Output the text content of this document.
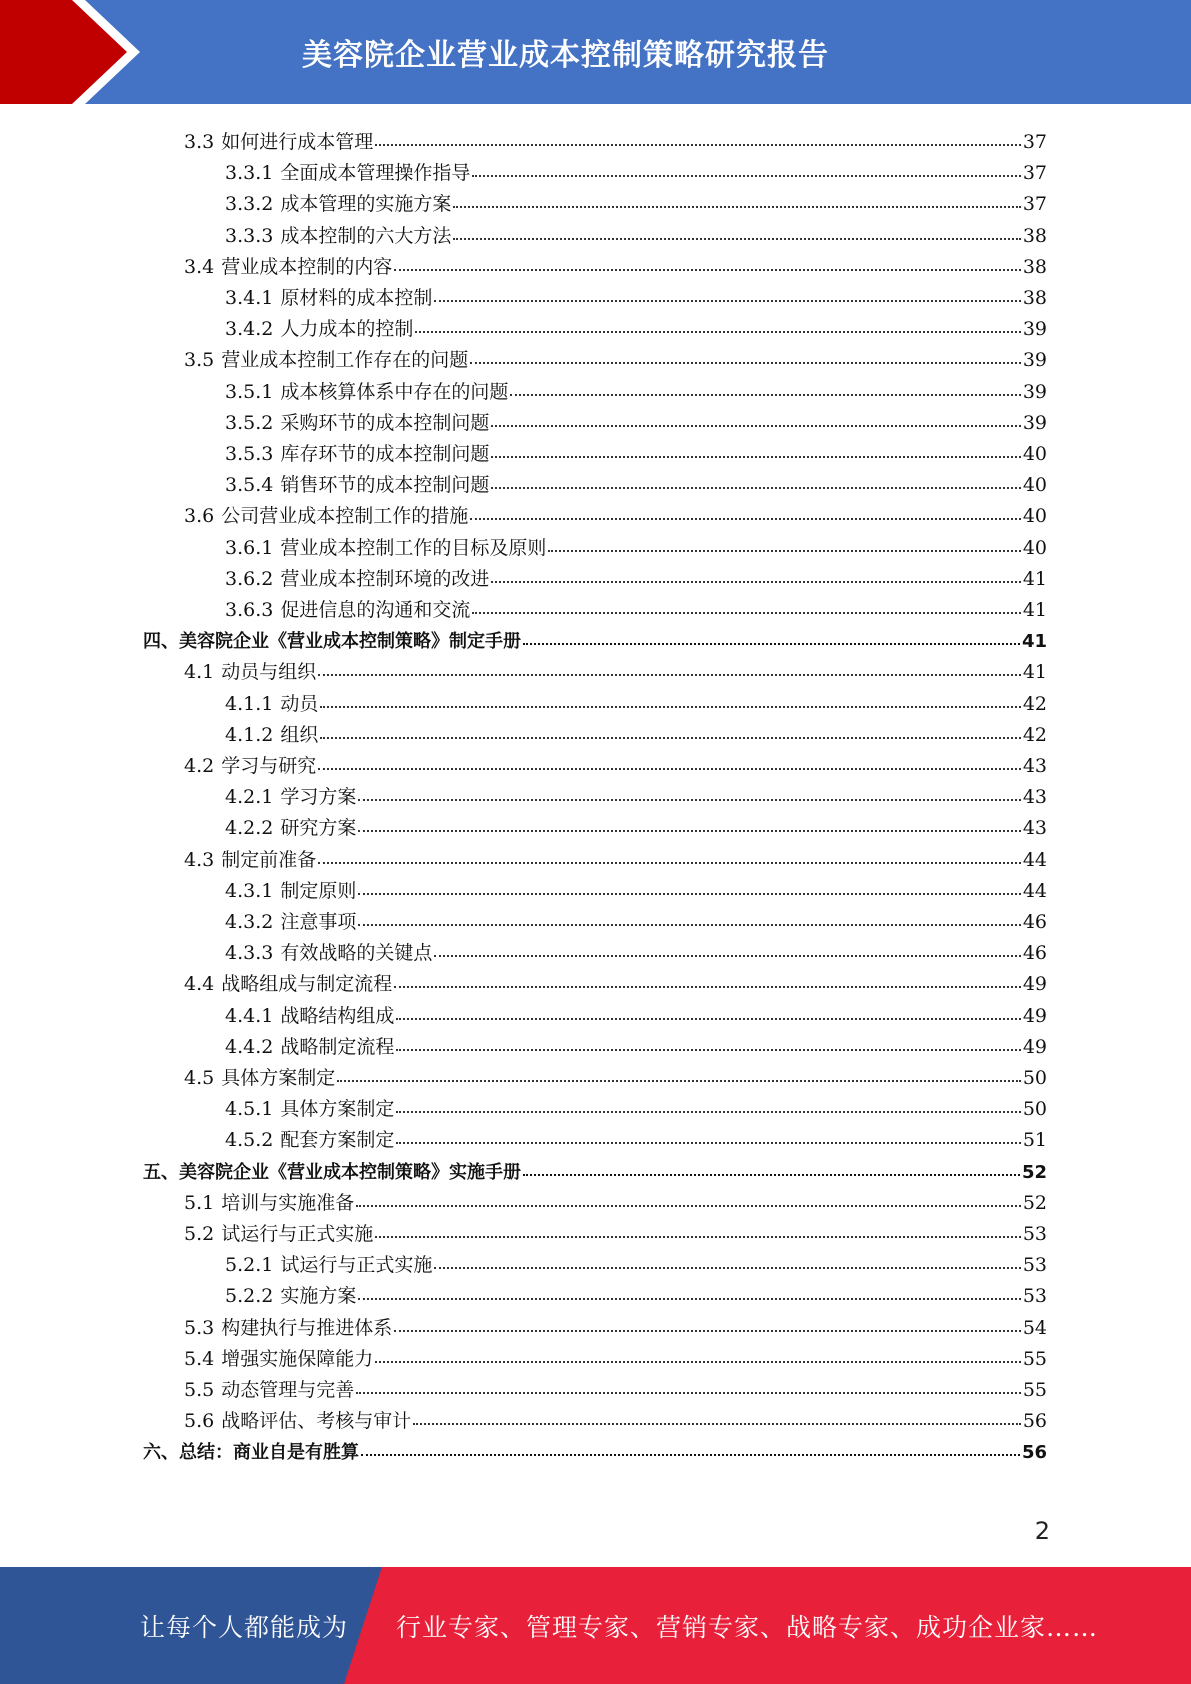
美容院企业营业成本控制策略研究报告
3.3 如何进行成本管理	37
3.3.1 全面成本管理操作指导	37
3.3.2 成本管理的实施方案	37
3.3.3 成本控制的六大方法	38
3.4 营业成本控制的内容	38
3.4.1 原材料的成本控制	38
3.4.2 人力成本的控制	39
3.5 营业成本控制工作存在的问题	39
3.5.1 成本核算体系中存在的问题	39
3.5.2 采购环节的成本控制问题	39
3.5.3 库存环节的成本控制问题	40
3.5.4 销售环节的成本控制问题	40
3.6 公司营业成本控制工作的措施	40
3.6.1 营业成本控制工作的目标及原则	40
3.6.2 营业成本控制环境的改进	41
3.6.3 促进信息的沟通和交流	41
四、美容院企业《营业成本控制策略》制定手册	41
4.1 动员与组织	41
4.1.1 动员	42
4.1.2 组织	42
4.2 学习与研究	43
4.2.1 学习方案	43
4.2.2 研究方案	43
4.3 制定前准备	44
4.3.1 制定原则	44
4.3.2 注意事项	46
4.3.3 有效战略的关键点	46
4.4 战略组成与制定流程	49
4.4.1 战略结构组成	49
4.4.2 战略制定流程	49
4.5 具体方案制定	50
4.5.1 具体方案制定	50
4.5.2 配套方案制定	51
五、美容院企业《营业成本控制策略》实施手册	52
5.1 培训与实施准备	52
5.2 试运行与正式实施	53
5.2.1 试运行与正式实施	53
5.2.2 实施方案	53
5.3 构建执行与推进体系	54
5.4 增强实施保障能力	55
5.5 动态管理与完善	55
5.6 战略评估、考核与审计	56
六、总结：商业自是有胜算	56
2
让每个人都能成为 行业专家、管理专家、营销专家、战略专家、成功企业家……
